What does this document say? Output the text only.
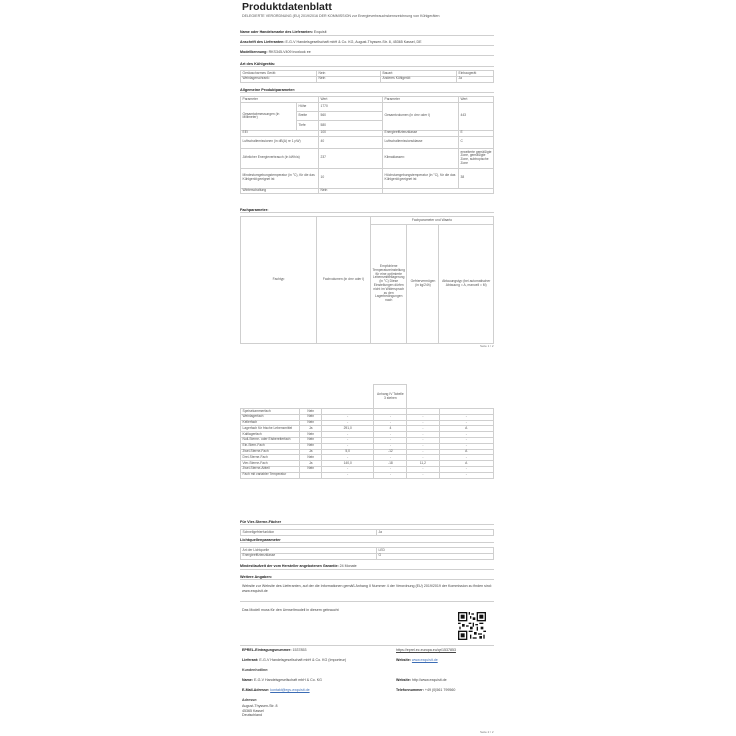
Produktdatenblatt
DELEGIERTE VERORDNUNG (EU) 2019/2016 DER KOMMISSION zur Energieverbrauchskennzeichnung von Kühlgeräten
Name oder Handelsmarke des Lieferanten: Exquisit
Anschrift des Lieferanten: E-G-V Handelsgesellschaft mbH & Co. KG, August-Thyssen-Str. 8, 45365 Kassel, DE
Modellkennung: RKS345-V409 inoxlook ee
Art des Kühlgeräts:
Geräuscharmes Gerät:	Nein	Bauart:	Einbaugerät
Weinlagerschrank:	Nein	Anderes Kühlgerät:	Ja
Allgemeine Produktparameter:
Parameter		Wert	Parameter	Wert
Gesamtabmessungen (in Millimeter)	Höhe	1770	Gesamtvolumen (in dm³ oder l)	443
	Breite	560		
	Tiefe	580		
EEI		100	Energieeffizienzklasse	E
Luftschallemissionen (in dB(A) re 1 pW)		40	Luftschallemissionsklasse	C
Jährlicher Energieverbrauch (in kWh/a)		237	Klimaklassen:	erweiterte gemäßigte Zone, gemäßigte Zone, subtropische Zone
Mindestumgebungstemperatur (in °C), für die das Kühlgerät geeignet ist		10	Höchstumgebungstemperatur (in °C), für die das Kühlgerät geeignet ist	38
Winterschaltung		Nein		
Fachparameter:
Fachtyp	Fachvolumen (in dm³ oder l)	Fachparameter und Waarto		
		Empfohlene Temperatureinstellung für eine optimierte Lebensmittellagerung (in °C) Diese Einstellungen dürfen nicht im Widerspruch zu den Lagerbedingungen nach	Gefriervermögen (in kg/24h)	Abtauungstyp (bei automatischer Abtauung = A, manuell = M)
Seite 1 / 2
			Anhang IV Tabelle 3 stehen		
Speisekammerfach	Nein				
Weinlagerfach	Nein	-	-	-	-
Kellerfach	Nein	-	-	-	-
Lagerfach für frische Lebensmittel	Ja	291,0	4	-	A
Kaltlagerfach	Nein	-	-	-	-
Null-Sterne- oder Eisbereiterfach	Nein	-	-	-	-
Ein-Stern-Fach	Nein	-	-	-	-
Zwei-Sterne-Fach	Ja	5,0	-12	-	A
Drei-Sterne-Fach	Nein	-	-	-	-
Vier-Sterne-Fach	Ja	140,0	-18	11,2	A
Zwei-Sterne-Abteil	Nein	-	-	-	-
Fach mit variabler Temperatur		-	-	-	-
Für Vier-Sterne-Fächer
Schnellgefrierfunktion	Ja
Lichtquellenparameter
Art der Lichtquelle	LED
Energieeffizienzklasse	G
Mindestlaufzeit der vom Hersteller angebotenen Garantie: 24 Monate
Weitere Angaben:
Website zur Website des Lieferanten, auf der die Informationen gemäß Anhang II Nummer 4 der Verordnung (EU) 2019/2019 der Kommission zu finden sind: www.exquisit.de
Das Modell muss für den Umweltmodell in diesem gebraucht
EPREL-Eintragungsnummer: 1537853	https://eprel.ec.europa.eu/qr/1537853
Lieferant: E-G-V Handelsgesellschaft mbH & Co. KG (Importeur)	Website: www.exquisit.de
Kundenhotline:
Name: E-G-V Handelsgesellschaft mbH & Co. KG	Website: http://www.exquisit.de
E-Mail-Adresse: kontakt@egv-exquisit.de	Telefonnummer: +49 (0)561 799560
Adresse:
August-Thyssen-Str. 8
45365 Kassel
Deutschland
Seite 2 / 2
